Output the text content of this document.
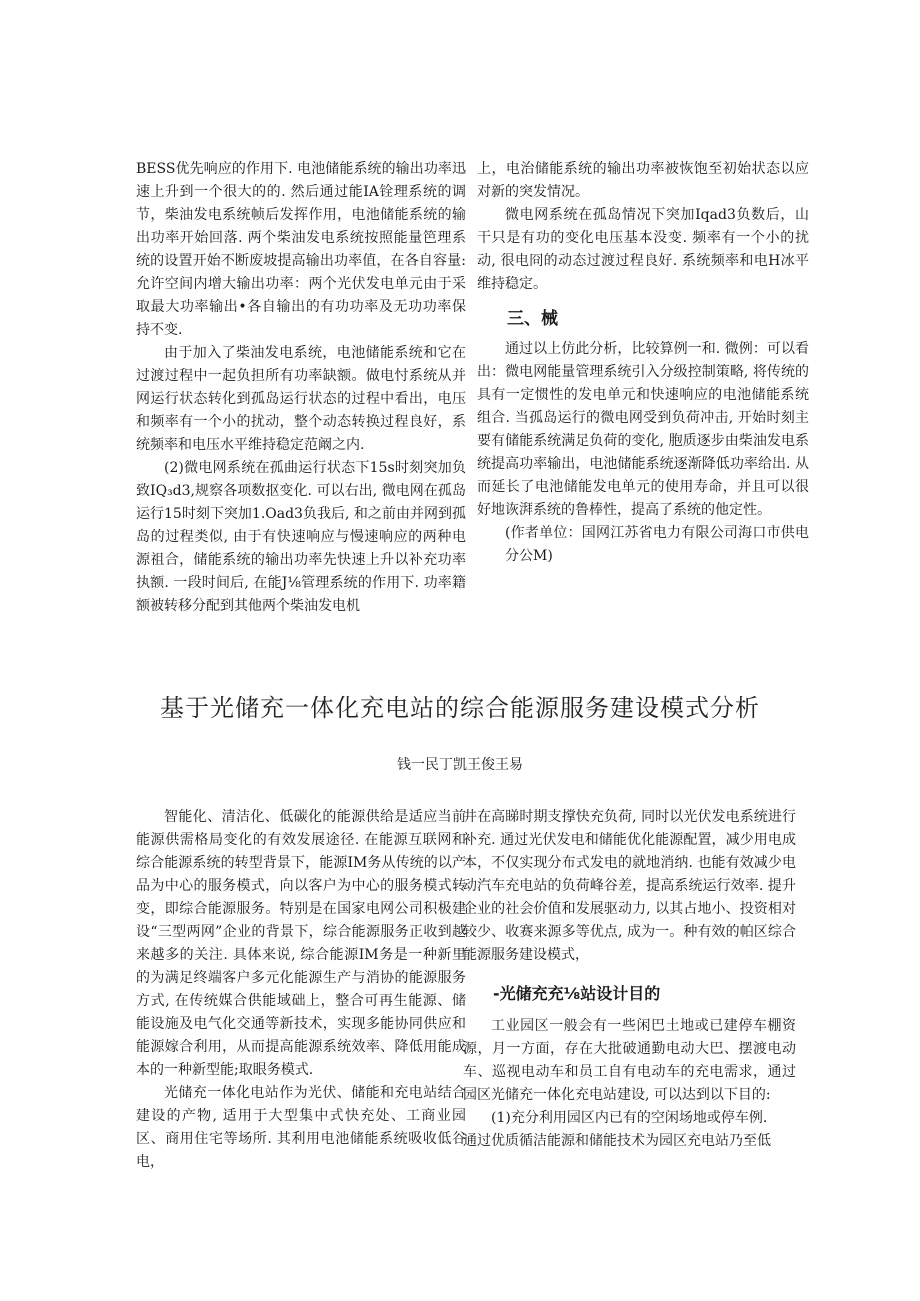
BESS优先响应的作用下. 电池储能系统的输出功率迅速上升到一个很大的的. 然后通过能IA铨理系统的调节，柴油发电系统帧后发挥作用，电池储能系统的输出功率开始回落. 两个柴油发电系统按照能量笆理系统的设置开始不断废坡提高输出功率值，在各自容量: 允许空间内增大输出功率：两个光伏发电单元由于采取最大功率输出•各自输出的有功功率及无功功率保持不变.

由于加入了柴油发电系统，电池储能系统和它在过渡过程中一起负担所有功率缺额。做电忖系统从并网运行状态转化到孤岛运行状态的过程中看出，电压和频率有一个小的扰动，整个动态转换过程良好，系统频率和电压水平维持稳定范阚之内.

(2)微电网系统在孤曲运行状态下15s时刻突加负致IQ₃d3,规察各项数抠变化. 可以右出, 微电网在孤岛运行15时刻下突加1.Oad3负我后, 和之前由并网到孤岛的过程类似, 由于有快速响应与慢速响应的两种电源祖合，储能系统的输出功率先快速上升以补充功率执额. 一段时间后, 在能J⅛管理系统的作用下. 功率籍额被转移分配到其他两个柴油发电机

上，电治储能系统的输出功率被恢饱至初始状态以应对新的突发情况。

微电网系统在孤岛情况下突加Iqad3负数后，山干只是有功的变化电压基本没变. 频率有一个小的扰动, 很电冏的动态过渡过程良好. 系统频率和电H冰平维持稳定。

三、械

通过以上仿此分析，比较算例一和. 微例：可以看出：微电网能量管理系统引入分级控制策略, 将传统的具有一定惯性的发电单元和快速响应的电池储能系统组合. 当孤岛运行的微电网受到负荷冲击, 开始时刻主要有储能系统满足负荷的变化, 胞质逐步由柴油发电系统提高功率输出，电池储能系统逐渐降低功率给出. 从而延长了电池储能发电单元的使用寿命，并且可以很好地诙湃系统的鲁棒性，提高了系统的他定性。

(作者单位：国网江苏省电力有限公司海口市供电分公M)

基于光储充一体化充电站的综合能源服务建设模式分析
钱一民丁凯王俊王易

智能化、清洁化、低碳化的能源供给是适应当前能源供需格局变化的有效发展途径. 在能源互联网和综合能源系统的转型背景下，能源IM务从传统的以产品为中心的服务模式，向以客户为中心的服务模式转变，即综合能源服务。特别是在国家电网公司积极建设“三型两网”企业的背景下，综合能源服务正收到越来越多的关注. 具体来说, 综合能源IM务是一种新里的为满足终端客户多元化能源生产与消协的能源服务方式, 在传统媒合供能域础上，整合可再生能源、储能设施及电气化交通等新技术，实现多能协同供应和能源嫁合利用，从而提高能源系统效率、降低用能成本的一种新型能;取眼务模式.

光储充一体化电站作为光伏、储能和充电站结合建设的产物, 适用于大型集中式快充处、工商业园区、商用住宅等场所. 其利用电池储能系统吸收低谷电，

井在高睇时期支撑快充负荷, 同时以光伏发电系统进行补充. 通过光伏发电和储能优化能源配置，减少用电成本，不仅实现分布式发电的就地消纳. 也能有效减少电动汽车充电站的负荷峰谷差，提高系统运行效率. 提升企业的社会价值和发展驱动力, 以其占地小、投资相对较少、收赛来源多等优点, 成为一。种有效的帕区综合能源服务建设模式，

-光储充充⅛站设计目的

工业园区一般会有一些闲巴土地或已建停车棚资源，月一方面，存在大批破通勤电动大巴、摆渡电动车、巡视电动车和员工自有电动车的充电需求，通过园区光储充一体化充电站建设, 可以达到以下目的:

(1)充分利用园区内已有的空闲场地或停车例.

通过优质循洁能源和储能技术为园区充电站乃至低
